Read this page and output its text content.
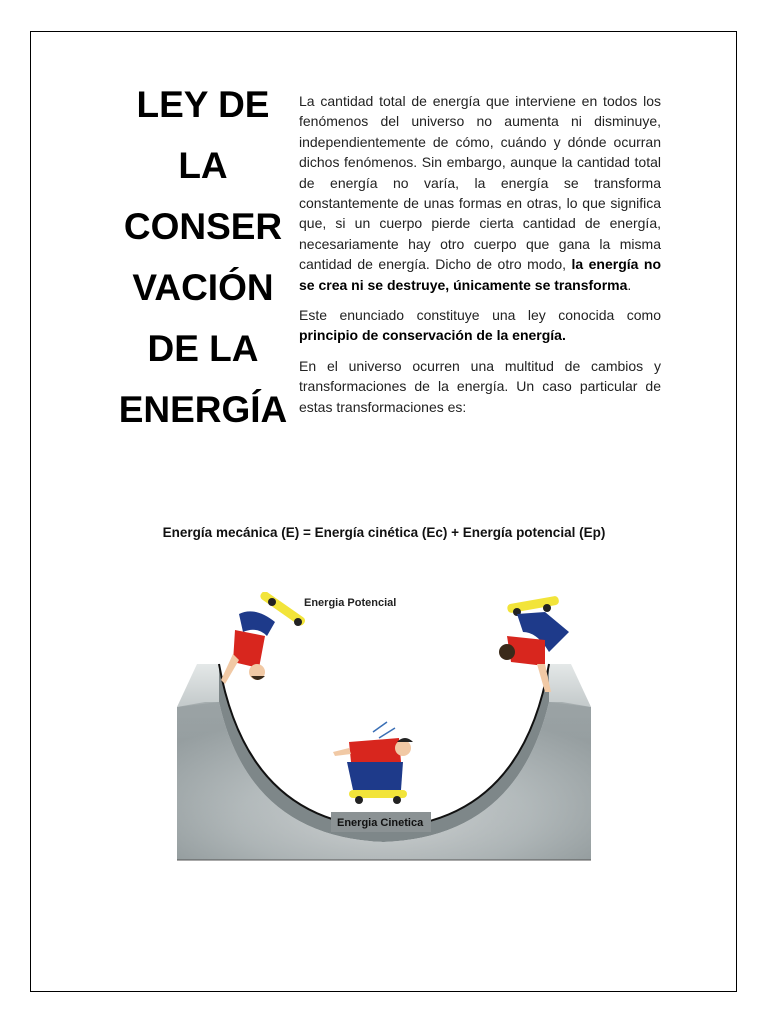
LEY DE
LA
CONSER
VACIÓN
DE LA
ENERGÍA

La cantidad total de energía que interviene en todos los fenómenos del universo no aumenta ni disminuye, independientemente de cómo, cuándo y dónde ocurran dichos fenómenos. Sin embargo, aunque la cantidad total de energía no varía, la energía se transforma constantemente de unas formas en otras, lo que significa que, si un cuerpo pierde cierta cantidad de energía, necesariamente hay otro cuerpo que gana la misma cantidad de energía. Dicho de otro modo, la energía no se crea ni se destruye, únicamente se transforma.

Este enunciado constituye una ley conocida como principio de conservación de la energía.

En el universo ocurren una multitud de cambios y transformaciones de la energía. Un caso particular de estas transformaciones es:

Energía mecánica (E) = Energía cinética (Ec) + Energía potencial (Ep)
Energia Potencial
Energia Cinetica
